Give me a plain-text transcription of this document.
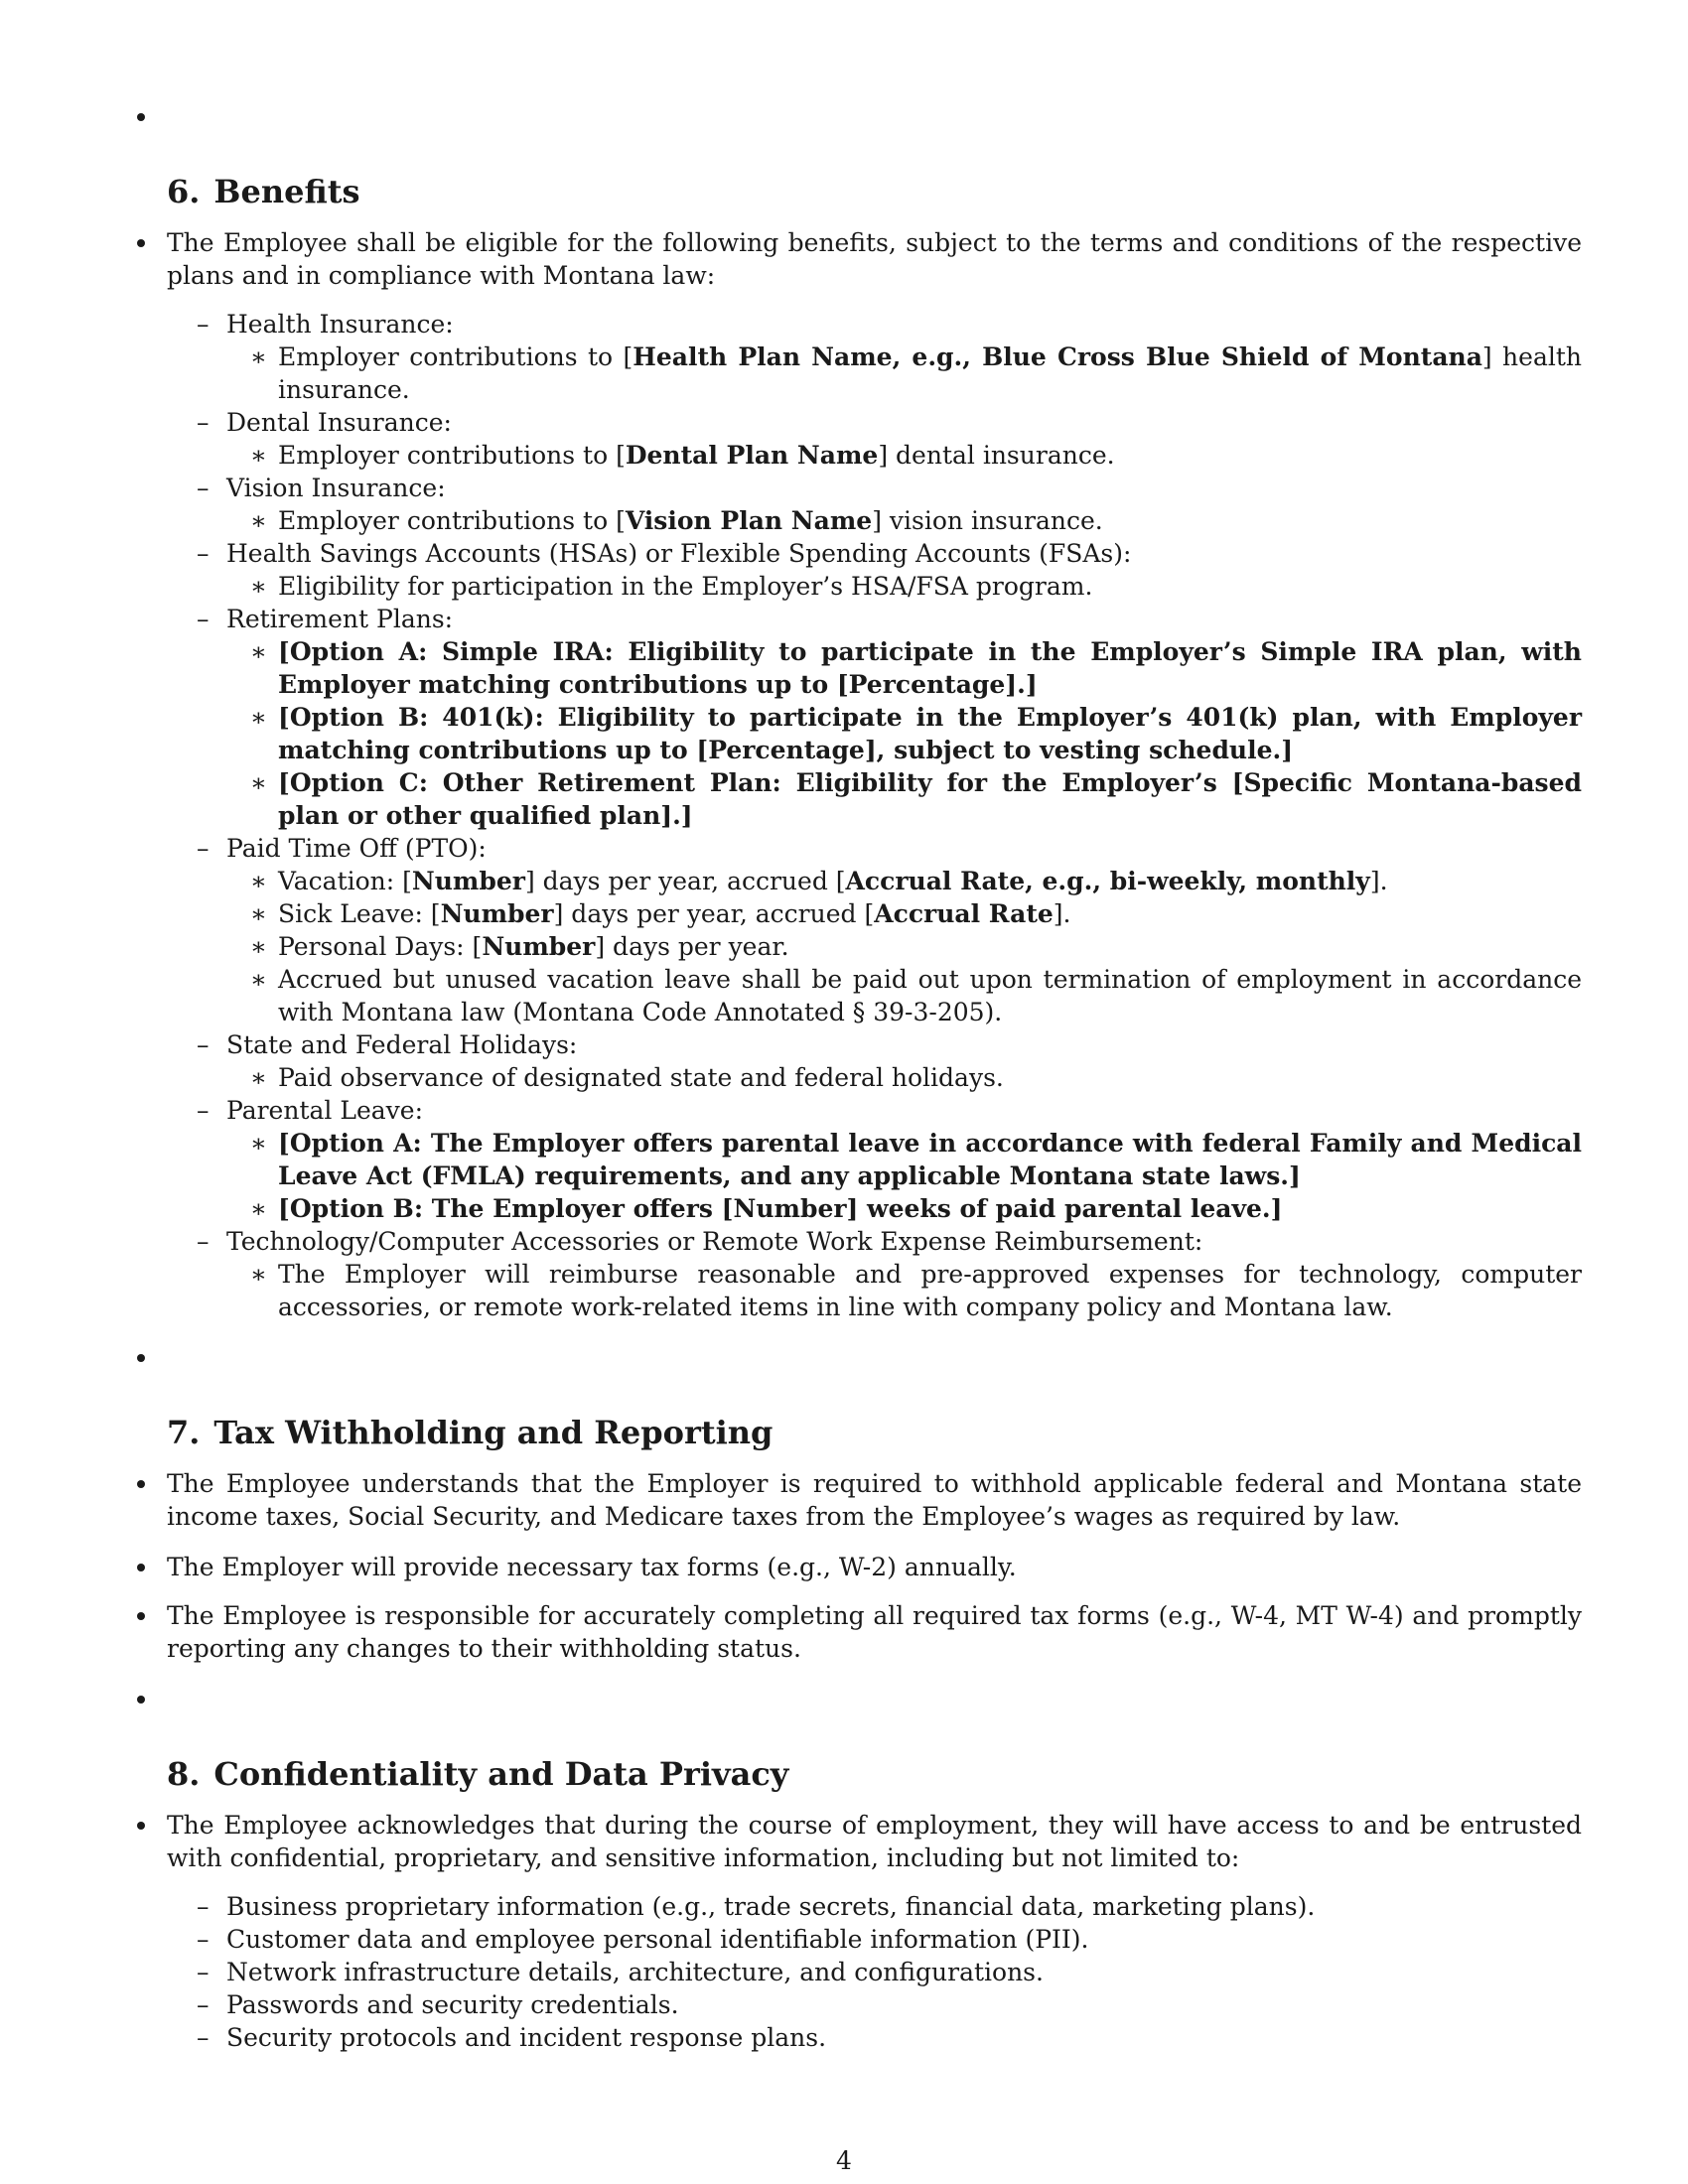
6. Benefits
The Employee shall be eligible for the following benefits, subject to the terms and conditions of the respective plans and in compliance with Montana law:
– Health Insurance:
∗ Employer contributions to [Health Plan Name, e.g., Blue Cross Blue Shield of Montana] health insurance.
– Dental Insurance:
∗ Employer contributions to [Dental Plan Name] dental insurance.
– Vision Insurance:
∗ Employer contributions to [Vision Plan Name] vision insurance.
– Health Savings Accounts (HSAs) or Flexible Spending Accounts (FSAs):
∗ Eligibility for participation in the Employer’s HSA/FSA program.
– Retirement Plans:
∗ [Option A: Simple IRA: Eligibility to participate in the Employer’s Simple IRA plan, with Employer matching contributions up to [Percentage].]
∗ [Option B: 401(k): Eligibility to participate in the Employer’s 401(k) plan, with Employer matching contributions up to [Percentage], subject to vesting schedule.]
∗ [Option C: Other Retirement Plan: Eligibility for the Employer’s [Specific Montana-based plan or other qualified plan].]
– Paid Time Off (PTO):
∗ Vacation: [Number] days per year, accrued [Accrual Rate, e.g., bi-weekly, monthly].
∗ Sick Leave: [Number] days per year, accrued [Accrual Rate].
∗ Personal Days: [Number] days per year.
∗ Accrued but unused vacation leave shall be paid out upon termination of employment in accordance with Montana law (Montana Code Annotated § 39-3-205).
– State and Federal Holidays:
∗ Paid observance of designated state and federal holidays.
– Parental Leave:
∗ [Option A: The Employer offers parental leave in accordance with federal Family and Medical Leave Act (FMLA) requirements, and any applicable Montana state laws.]
∗ [Option B: The Employer offers [Number] weeks of paid parental leave.]
– Technology/Computer Accessories or Remote Work Expense Reimbursement:
∗ The Employer will reimburse reasonable and pre-approved expenses for technology, computer accessories, or remote work-related items in line with company policy and Montana law.
7. Tax Withholding and Reporting
The Employee understands that the Employer is required to withhold applicable federal and Montana state income taxes, Social Security, and Medicare taxes from the Employee’s wages as required by law.
The Employer will provide necessary tax forms (e.g., W-2) annually.
The Employee is responsible for accurately completing all required tax forms (e.g., W-4, MT W-4) and promptly reporting any changes to their withholding status.
8. Confidentiality and Data Privacy
The Employee acknowledges that during the course of employment, they will have access to and be entrusted with confidential, proprietary, and sensitive information, including but not limited to:
– Business proprietary information (e.g., trade secrets, financial data, marketing plans).
– Customer data and employee personal identifiable information (PII).
– Network infrastructure details, architecture, and configurations.
– Passwords and security credentials.
– Security protocols and incident response plans.
4
